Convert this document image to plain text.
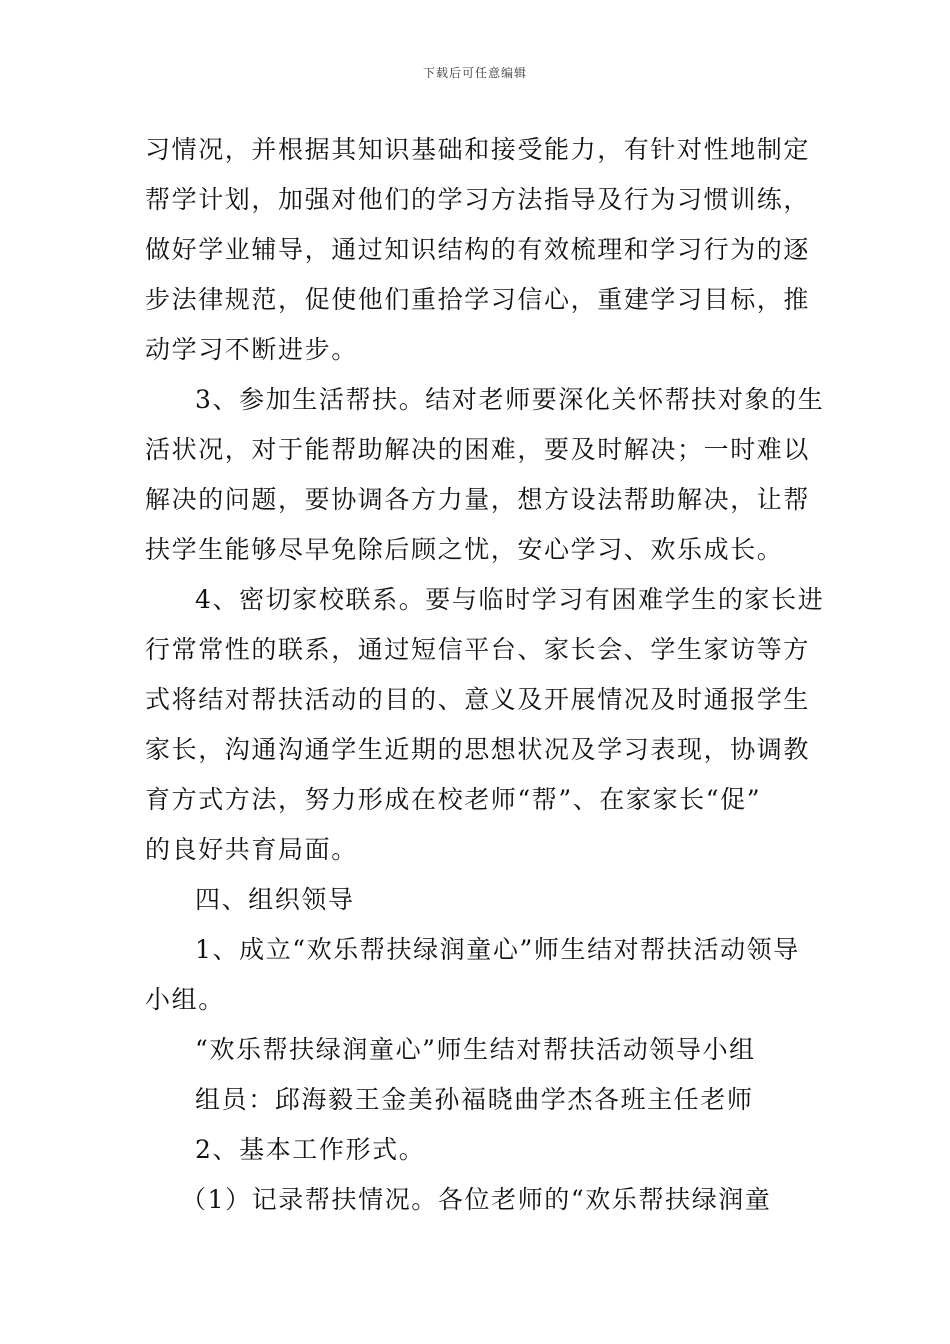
下载后可任意编辑
习情况，并根据其知识基础和接受能力，有针对性地制定
帮学计划，加强对他们的学习方法指导及行为习惯训练，
做好学业辅导，通过知识结构的有效梳理和学习行为的逐
步法律规范，促使他们重拾学习信心，重建学习目标，推
动学习不断进步。
3、参加生活帮扶。结对老师要深化关怀帮扶对象的生
活状况，对于能帮助解决的困难，要及时解决；一时难以
解决的问题，要协调各方力量，想方设法帮助解决，让帮
扶学生能够尽早免除后顾之忧，安心学习、欢乐成长。
4、密切家校联系。要与临时学习有困难学生的家长进
行常常性的联系，通过短信平台、家长会、学生家访等方
式将结对帮扶活动的目的、意义及开展情况及时通报学生
家长，沟通沟通学生近期的思想状况及学习表现，协调教
育方式方法，努力形成在校老师“帮”、在家家长“促”
的良好共育局面。
四、组织领导
1、成立“欢乐帮扶绿润童心”师生结对帮扶活动领导
小组。
“欢乐帮扶绿润童心”师生结对帮扶活动领导小组
组员：邱海毅王金美孙福晓曲学杰各班主任老师
2、基本工作形式。
（1）记录帮扶情况。各位老师的“欢乐帮扶绿润童
